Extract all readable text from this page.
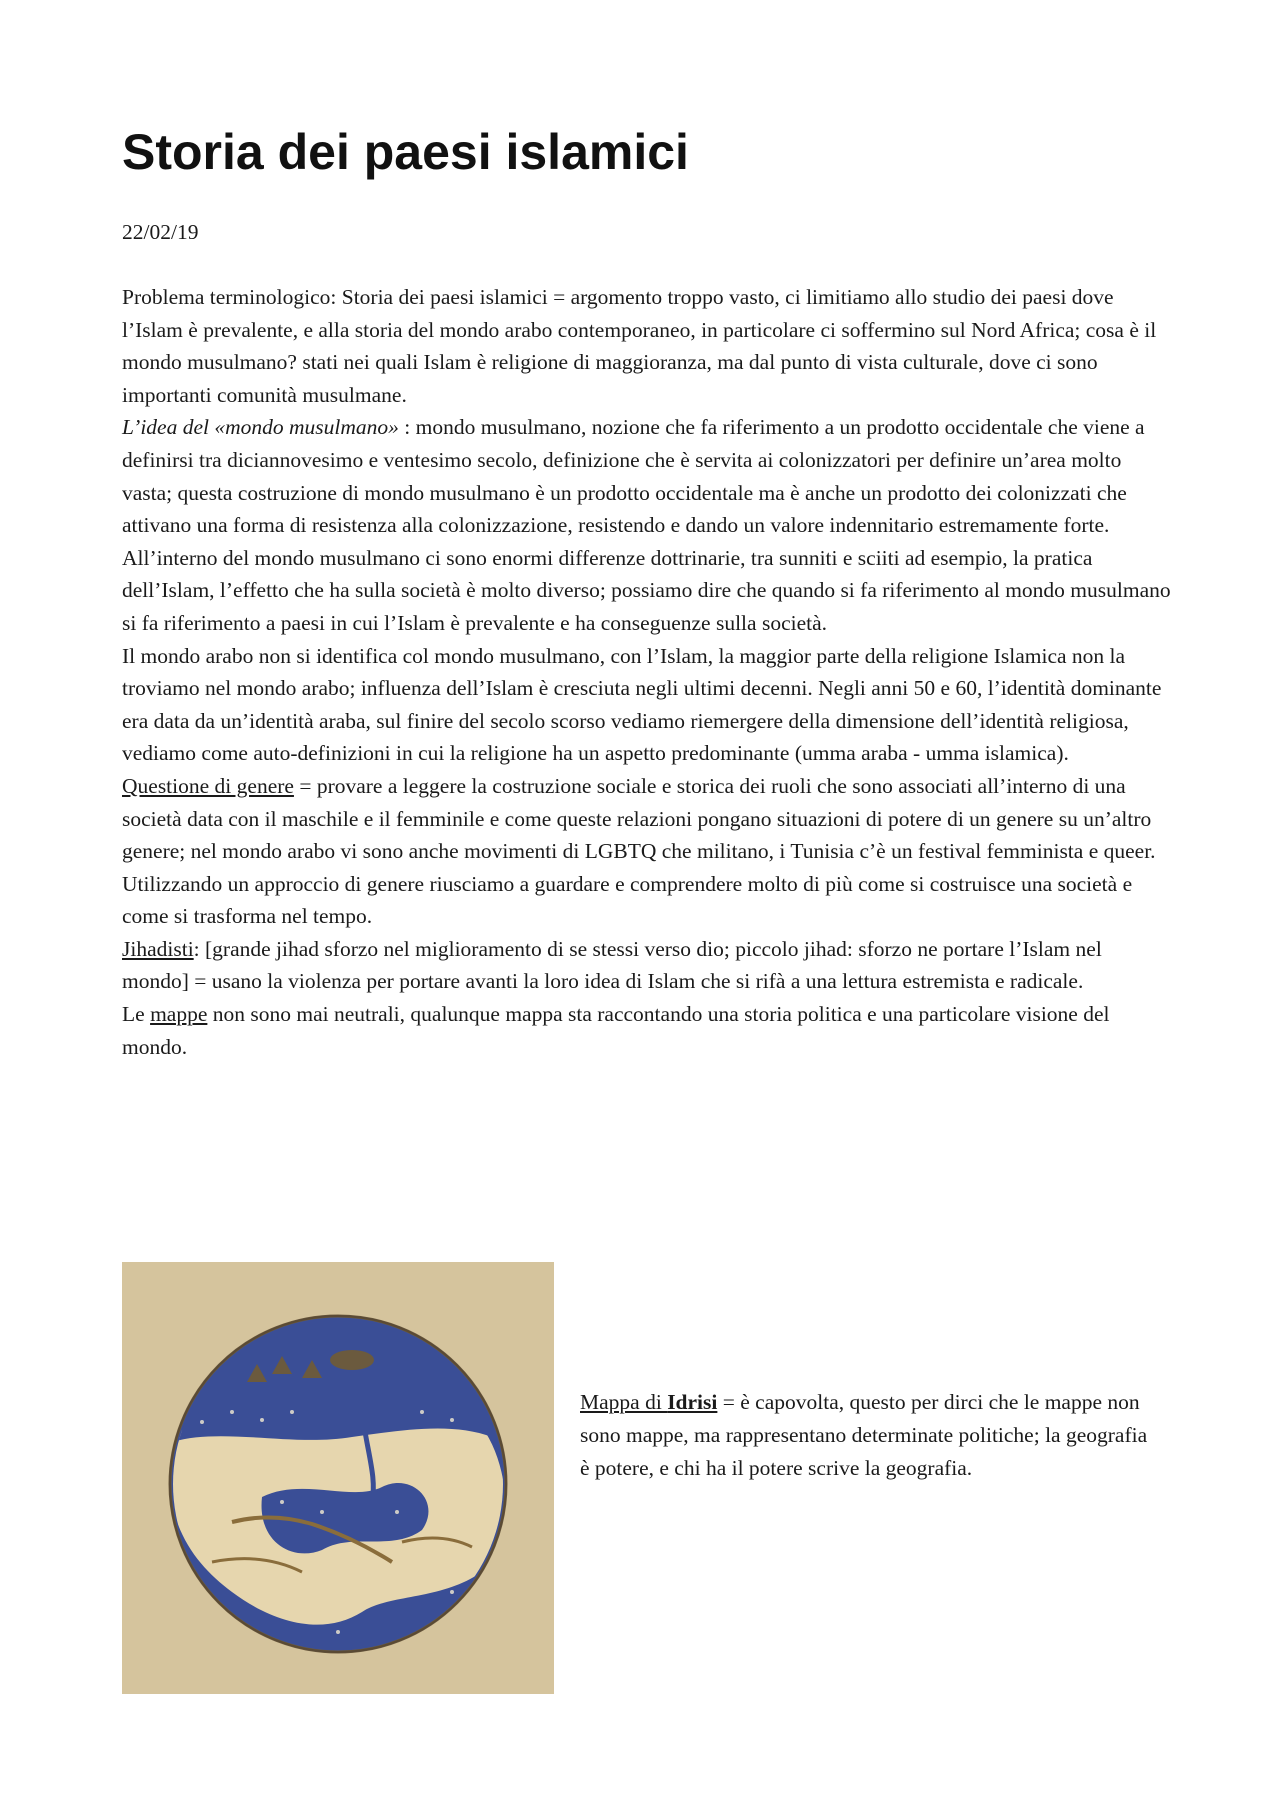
Storia dei paesi islamici
22/02/19

Problema terminologico: Storia dei paesi islamici = argomento troppo vasto, ci limitiamo allo studio dei paesi dove l’Islam è prevalente, e alla storia del mondo arabo contemporaneo, in particolare ci soffermino sul Nord Africa; cosa è il mondo musulmano? stati nei quali Islam è religione di maggioranza, ma dal punto di vista culturale, dove ci sono importanti comunità musulmane.

L’idea del «mondo musulmano» : mondo musulmano, nozione che fa riferimento a un prodotto occidentale che viene a definirsi tra diciannovesimo e ventesimo secolo, definizione che è servita ai colonizzatori per definire un’area molto vasta; questa costruzione di mondo musulmano è un prodotto occidentale ma è anche un prodotto dei colonizzati che attivano una forma di resistenza alla colonizzazione, resistendo e dando un valore indennitario estremamente forte.

All’interno del mondo musulmano ci sono enormi differenze dottrinarie, tra sunniti e sciiti ad esempio, la pratica dell’Islam, l’effetto che ha sulla società è molto diverso; possiamo dire che quando si fa riferimento al mondo musulmano si fa riferimento a paesi in cui l’Islam è prevalente e ha conseguenze sulla società.

Il mondo arabo non si identifica col mondo musulmano, con l’Islam, la maggior parte della religione Islamica non la troviamo nel mondo arabo; influenza dell’Islam è cresciuta negli ultimi decenni. Negli anni 50 e 60, l’identità dominante era data da un’identità araba, sul finire del secolo scorso vediamo riemergere della dimensione dell’identità religiosa, vediamo come auto-definizioni in cui la religione ha un aspetto predominante (umma araba - umma islamica).

Questione di genere = provare a leggere la costruzione sociale e storica dei ruoli che sono associati all’interno di una società data con il maschile e il femminile e come queste relazioni pongano situazioni di potere di un genere su un’altro genere; nel mondo arabo vi sono anche movimenti di LGBTQ che militano, i Tunisia c’è un festival femminista e queer. Utilizzando un approccio di genere riusciamo a guardare e comprendere molto di più come si costruisce una società e come si trasforma nel tempo.

Jihadisti: [grande jihad sforzo nel miglioramento di se stessi verso dio; piccolo jihad: sforzo ne portare l’Islam nel mondo] = usano la violenza per portare avanti la loro idea di Islam che si rifà a una lettura estremista e radicale.

Le mappe non sono mai neutrali, qualunque mappa sta raccontando una storia politica e una particolare visione del mondo.

Mappa di Idrisi = è capovolta, questo per dirci che le mappe non sono mappe, ma rappresentano determinate politiche; la geografia è potere, e chi ha il potere scrive la geografia.
